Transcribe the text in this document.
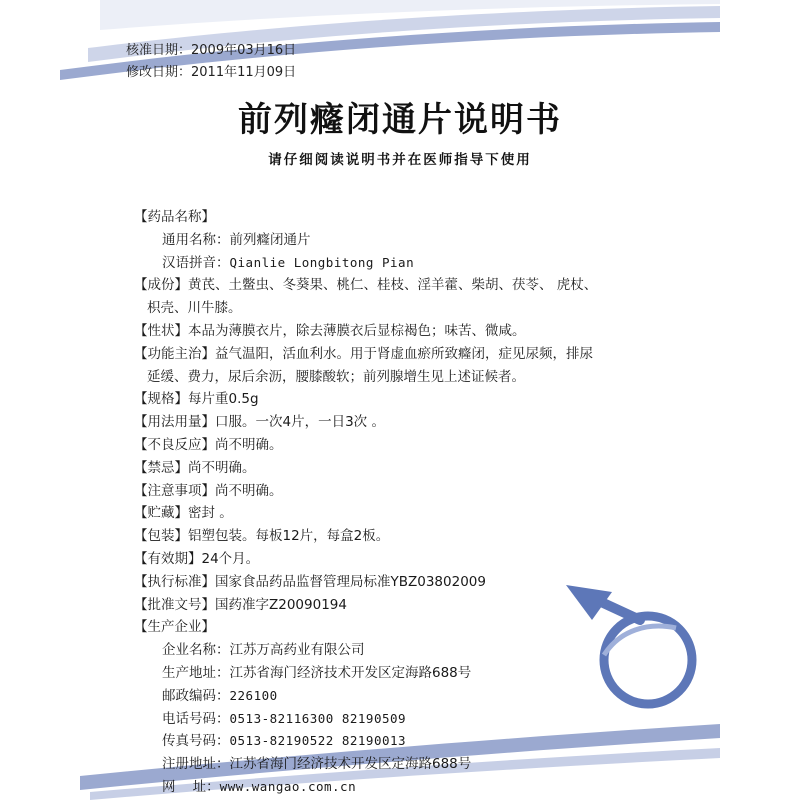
核准日期：2009年03月16日
修改日期：2011年11月09日
前列癃闭通片说明书
请仔细阅读说明书并在医师指导下使用
【药品名称】
通用名称：前列癃闭通片
汉语拼音：Qianlie Longbitong Pian
【成份】黄芪、土鳖虫、冬葵果、桃仁、桂枝、淫羊藿、柴胡、茯苓、 虎杖、
枳壳、川牛膝。
【性状】本品为薄膜衣片，除去薄膜衣后显棕褐色；味苦、微咸。
【功能主治】益气温阳，活血利水。用于肾虚血瘀所致癃闭，症见尿频，排尿
延缓、费力，尿后余沥，腰膝酸软；前列腺增生见上述证候者。
【规格】每片重0.5g
【用法用量】口服。一次4片，一日3次 。
【不良反应】尚不明确。
【禁忌】尚不明确。
【注意事项】尚不明确。
【贮藏】密封 。
【包装】铝塑包装。每板12片，每盒2板。
【有效期】24个月。
【执行标准】国家食品药品监督管理局标准YBZ03802009
【批准文号】国药准字Z20090194
【生产企业】
企业名称：江苏万高药业有限公司
生产地址：江苏省海门经济技术开发区定海路688号
邮政编码：226100
电话号码：0513-82116300 82190509
传真号码：0513-82190522 82190013
注册地址：江苏省海门经济技术开发区定海路688号
网    址：www.wangao.com.cn
